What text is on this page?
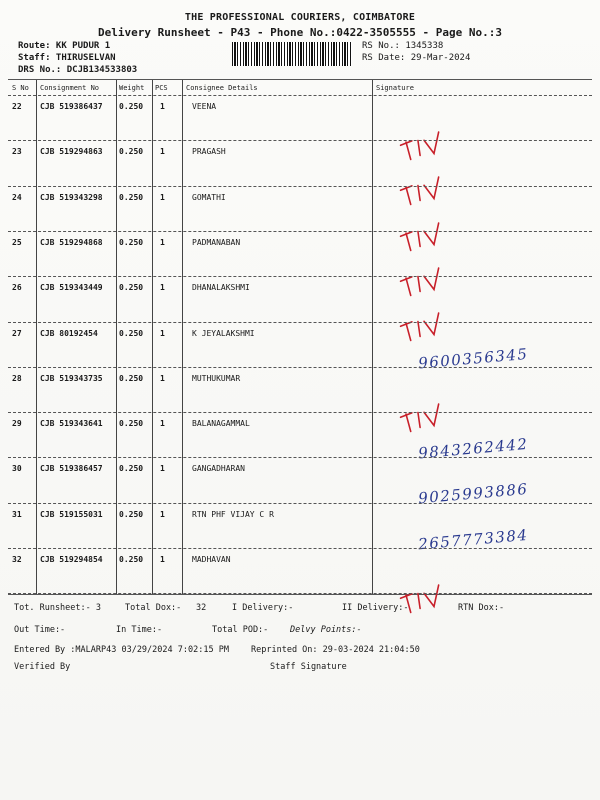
THE PROFESSIONAL COURIERS, COIMBATORE
Delivery Runsheet - P43 - Phone No.:0422-3505555 - Page No.:3
Route: KK PUDUR 1
Staff: THIRUSELVAN
DRS No.: DCJB134533803
RS No.: 1345338
RS Date: 29-Mar-2024
S No Consignment No	Weight PCS	Consignee Details	Signature
Tot. Runsheet:- 3	Total Dox:- 32	I Delivery:-	II Delivery:-	RTN Dox:-
Out Time:-	In Time:-	Total POD:-	Delvy Points:-
Entered By :MALARP43 03/29/2024 7:02:15 PM	Reprinted On: 29-03-2024 21:04:50
Verified By	Staff Signature
22 CJB 519386437 0.250 1	VEENA
23 CJB 519294863 0.250 1	PRAGASH
24 CJB 519343298 0.250 1	GOMATHI
25 CJB 519294868 0.250 1	PADMANABAN
26 CJB 519343449 0.250 1	DHANALAKSHMI
27 CJB 80192454	0.250 1	K JEYALAKSHMI
9600356345
28 CJB 519343735 0.250 1	MUTHUKUMAR
29 CJB 519343641 0.250 1	BALANAGAMMAL
9843262442
30 CJB 519386457 0.250 1	GANGADHARAN
9025993886
31 CJB 519155031 0.250 1	RTN PHF VIJAY C R
2657773384
32 CJB 519294854 0.250 1	MADHAVAN
